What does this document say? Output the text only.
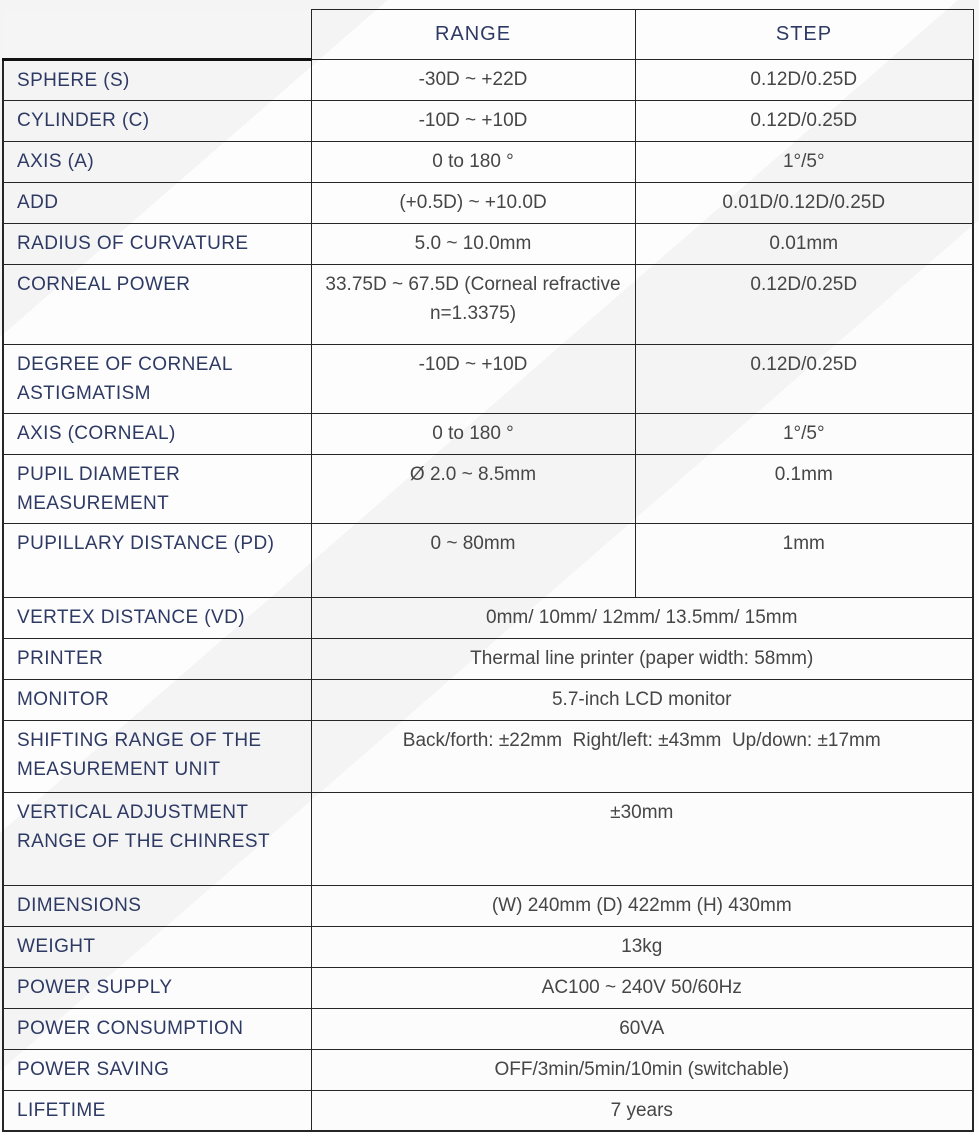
	RANGE	STEP
SPHERE (S)	-30D ~ +22D	0.12D/0.25D
CYLINDER (C)	-10D ~ +10D	0.12D/0.25D
AXIS (A)	0 to 180 °	1°/5°
ADD	(+0.5D) ~ +10.0D	0.01D/0.12D/0.25D
RADIUS OF CURVATURE	5.0 ~ 10.0mm	0.01mm
CORNEAL POWER	33.75D ~ 67.5D (Corneal refractive n=1.3375)	0.12D/0.25D
DEGREE OF CORNEAL ASTIGMATISM	-10D ~ +10D	0.12D/0.25D
AXIS (CORNEAL)	0 to 180 °	1°/5°
PUPIL DIAMETER MEASUREMENT	Ø 2.0 ~ 8.5mm	0.1mm
PUPILLARY DISTANCE (PD)	0 ~ 80mm	1mm
VERTEX DISTANCE (VD)	0mm/ 10mm/ 12mm/ 13.5mm/ 15mm	
PRINTER	Thermal line printer (paper width: 58mm)	
MONITOR	5.7-inch LCD monitor	
SHIFTING RANGE OF THE MEASUREMENT UNIT	Back/forth: ±22mm  Right/left: ±43mm  Up/down: ±17mm	
VERTICAL ADJUSTMENT RANGE OF THE CHINREST	±30mm	
DIMENSIONS	(W) 240mm (D) 422mm (H) 430mm	
WEIGHT	13kg	
POWER SUPPLY	AC100 ~ 240V 50/60Hz	
POWER CONSUMPTION	60VA	
POWER SAVING	OFF/3min/5min/10min (switchable)	
LIFETIME	7 years	
